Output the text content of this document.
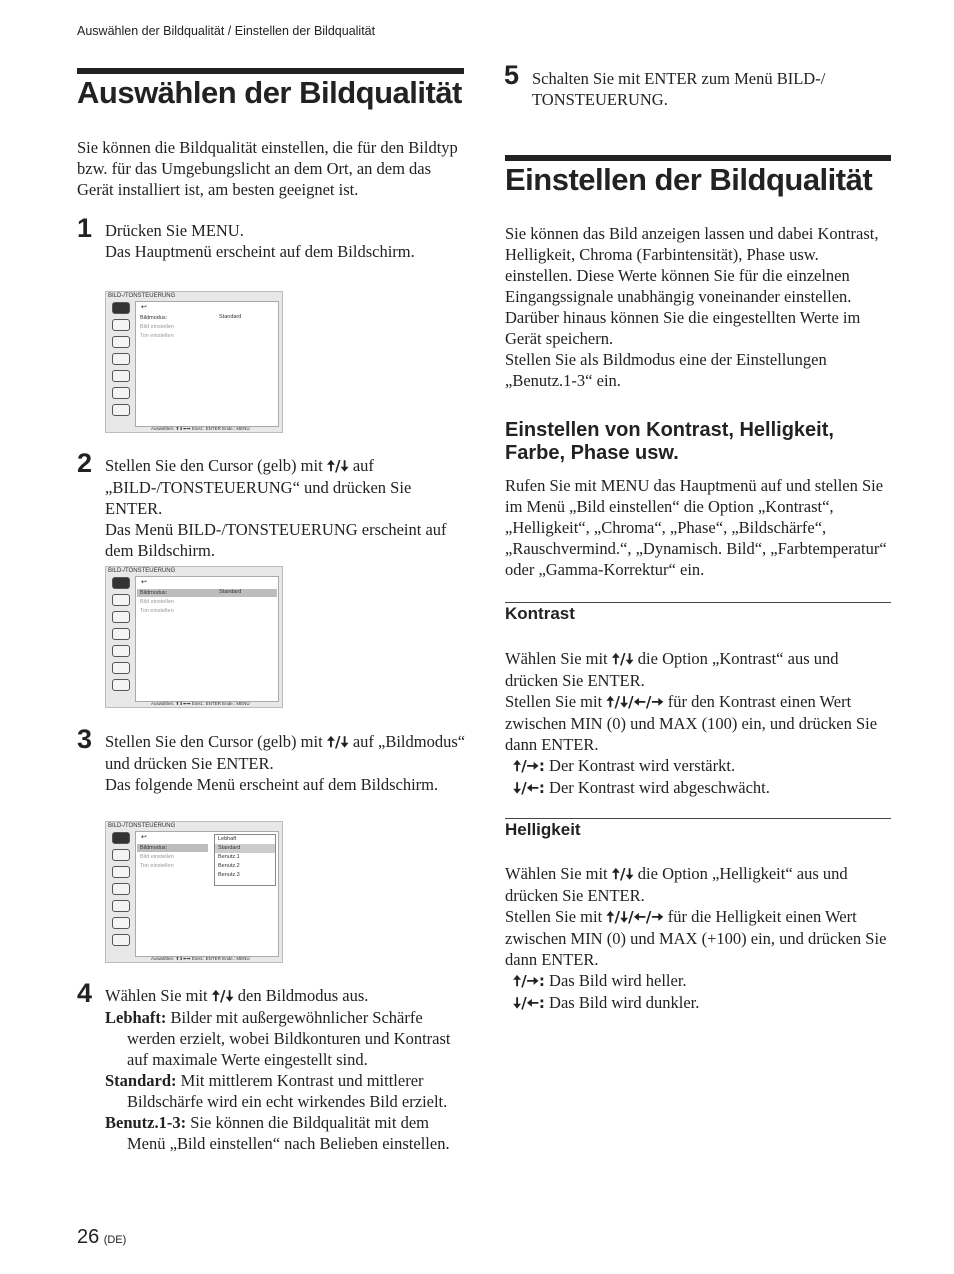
Auswählen der Bildqualität / Einstellen der Bildqualität
Auswählen der Bildqualität
Sie können die Bildqualität einstellen, die für den Bildtyp bzw. für das Umgebungslicht an dem Ort, an dem das Gerät installiert ist, am besten geeignet ist.
1 Drücken Sie MENU.
Das Hauptmenü erscheint auf dem Bildschirm.
BILD-/TONSTEUERUNG
↩
Bildmodus:	Standard
Bild einstellen
Ton einstellen
Auswählen: ⬆⬇⬅➡ Einst.: ENTER Ende.: MENU
2 Stellen Sie den Cursor (gelb) mit 🠅/🠇 auf „BILD-/TONSTEUERUNG“ und drücken Sie ENTER.
Das Menü BILD-/TONSTEUERUNG erscheint auf dem Bildschirm.
BILD-/TONSTEUERUNG
↩
Bildmodus:	Standard
Bild einstellen
Ton einstellen
Auswählen: ⬆⬇⬅➡ Einst.: ENTER Ende.: MENU
3 Stellen Sie den Cursor (gelb) mit 🠅/🠇 auf „Bildmodus“ und drücken Sie ENTER.
Das folgende Menü erscheint auf dem Bildschirm.
BILD-/TONSTEUERUNG
↩
Bildmodus:
Bild einstellen
Ton einstellen
Lebhaft
Standard
Benutz.1
Benutz.2
Benutz.3
Auswählen: ⬆⬇⬅➡ Einst.: ENTER Ende.: MENU
4 Wählen Sie mit 🠅/🠇 den Bildmodus aus.
Lebhaft: Bilder mit außergewöhnlicher Schärfe werden erzielt, wobei Bildkonturen und Kontrast auf maximale Werte eingestellt sind.
Standard: Mit mittlerem Kontrast und mittlerer Bildschärfe wird ein echt wirkendes Bild erzielt.
Benutz.1-3: Sie können die Bildqualität mit dem Menü „Bild einstellen“ nach Belieben einstellen.
5 Schalten Sie mit ENTER zum Menü BILD-/ TONSTEUERUNG.
Einstellen der Bildqualität
Sie können das Bild anzeigen lassen und dabei Kontrast, Helligkeit, Chroma (Farbintensität), Phase usw. einstellen. Diese Werte können Sie für die einzelnen Eingangssignale unabhängig voneinander einstellen. Darüber hinaus können Sie die eingestellten Werte im Gerät speichern.
Stellen Sie als Bildmodus eine der Einstellungen „Benutz.1-3“ ein.
Einstellen von Kontrast, Helligkeit, Farbe, Phase usw.
Rufen Sie mit MENU das Hauptmenü auf und stellen Sie im Menü „Bild einstellen“ die Option „Kontrast“, „Helligkeit“, „Chroma“, „Phase“, „Bildschärfe“, „Rauschvermind.“, „Dynamisch. Bild“, „Farbtemperatur“ oder „Gamma-Korrektur“ ein.
Kontrast
Wählen Sie mit 🠅/🠇 die Option „Kontrast“ aus und drücken Sie ENTER.
Stellen Sie mit 🠅/🠇/🠄/🠆 für den Kontrast einen Wert zwischen MIN (0) und MAX (100) ein, und drücken Sie dann ENTER.
🠅/🠆: Der Kontrast wird verstärkt.
🠇/🠄: Der Kontrast wird abgeschwächt.
Helligkeit
Wählen Sie mit 🠅/🠇 die Option „Helligkeit“ aus und drücken Sie ENTER.
Stellen Sie mit 🠅/🠇/🠄/🠆 für die Helligkeit einen Wert zwischen MIN (0) und MAX (+100) ein, und drücken Sie dann ENTER.
🠅/🠆: Das Bild wird heller.
🠇/🠄: Das Bild wird dunkler.
26 (DE)
